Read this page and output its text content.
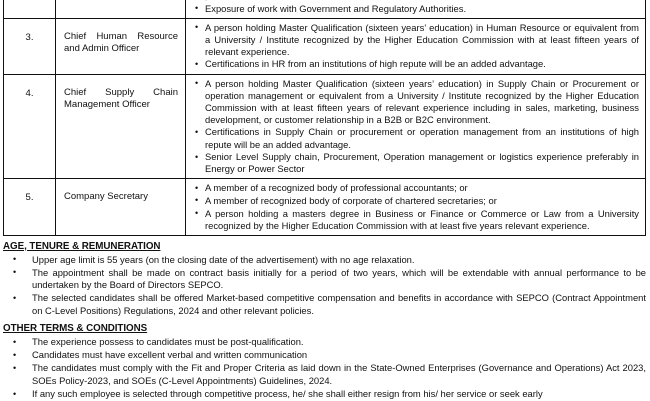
•
• Exposure of work with Government and Regulatory Authorities.

3.	Chief Human Resource and Admin Officer

• A person holding Master Qualification (sixteen years’ education) in Human Resource or equivalent from a University / Institute recognized by the Higher Education Commission with at least fifteen years of relevant experience.
• Certifications in HR from an institutions of high repute will be an added advantage.

4.	Chief Supply Chain Management Officer

• A person holding Master Qualification (sixteen years’ education) in Supply Chain or Procurement or operation management or equivalent from a University / Institute recognized by the Higher Education Commission with at least fifteen years of relevant experience including in sales, marketing, business development, or customer relationship in a B2B or B2C environment.
• Certifications in Supply Chain or procurement or operation management from an institutions of high repute will be an added advantage.
• Senior Level Supply chain, Procurement, Operation management or logistics experience preferably in Energy or Power Sector

5.	Company Secretary

• A member of a recognized body of professional accountants; or
• A member of recognized body of corporate of chartered secretaries; or
• A person holding a masters degree in Business or Finance or Commerce or Law from a University recognized by the Higher Education Commission with at least five years relevant experience.
AGE, TENURE & REMUNERATION
• Upper age limit is 55 years (on the closing date of the advertisement) with no age relaxation.
• The appointment shall be made on contract basis initially for a period of two years, which will be extendable with annual performance to be undertaken by the Board of Directors SEPCO.
• The selected candidates shall be offered Market-based competitive compensation and benefits in accordance with SEPCO (Contract Appointment on C-Level Positions) Regulations, 2024 and other relevant policies.
OTHER TERMS & CONDITIONS
• The experience possess to candidates must be post-qualification.
• Candidates must have excellent verbal and written communication
• The candidates must comply with the Fit and Proper Criteria as laid down in the State-Owned Enterprises (Governance and Operations) Act 2023, SOEs Policy-2023, and SOEs (C-Level Appointments) Guidelines, 2024.
• If any such employee is selected through competitive process, he/ she shall either resign from his/ her service or seek early
